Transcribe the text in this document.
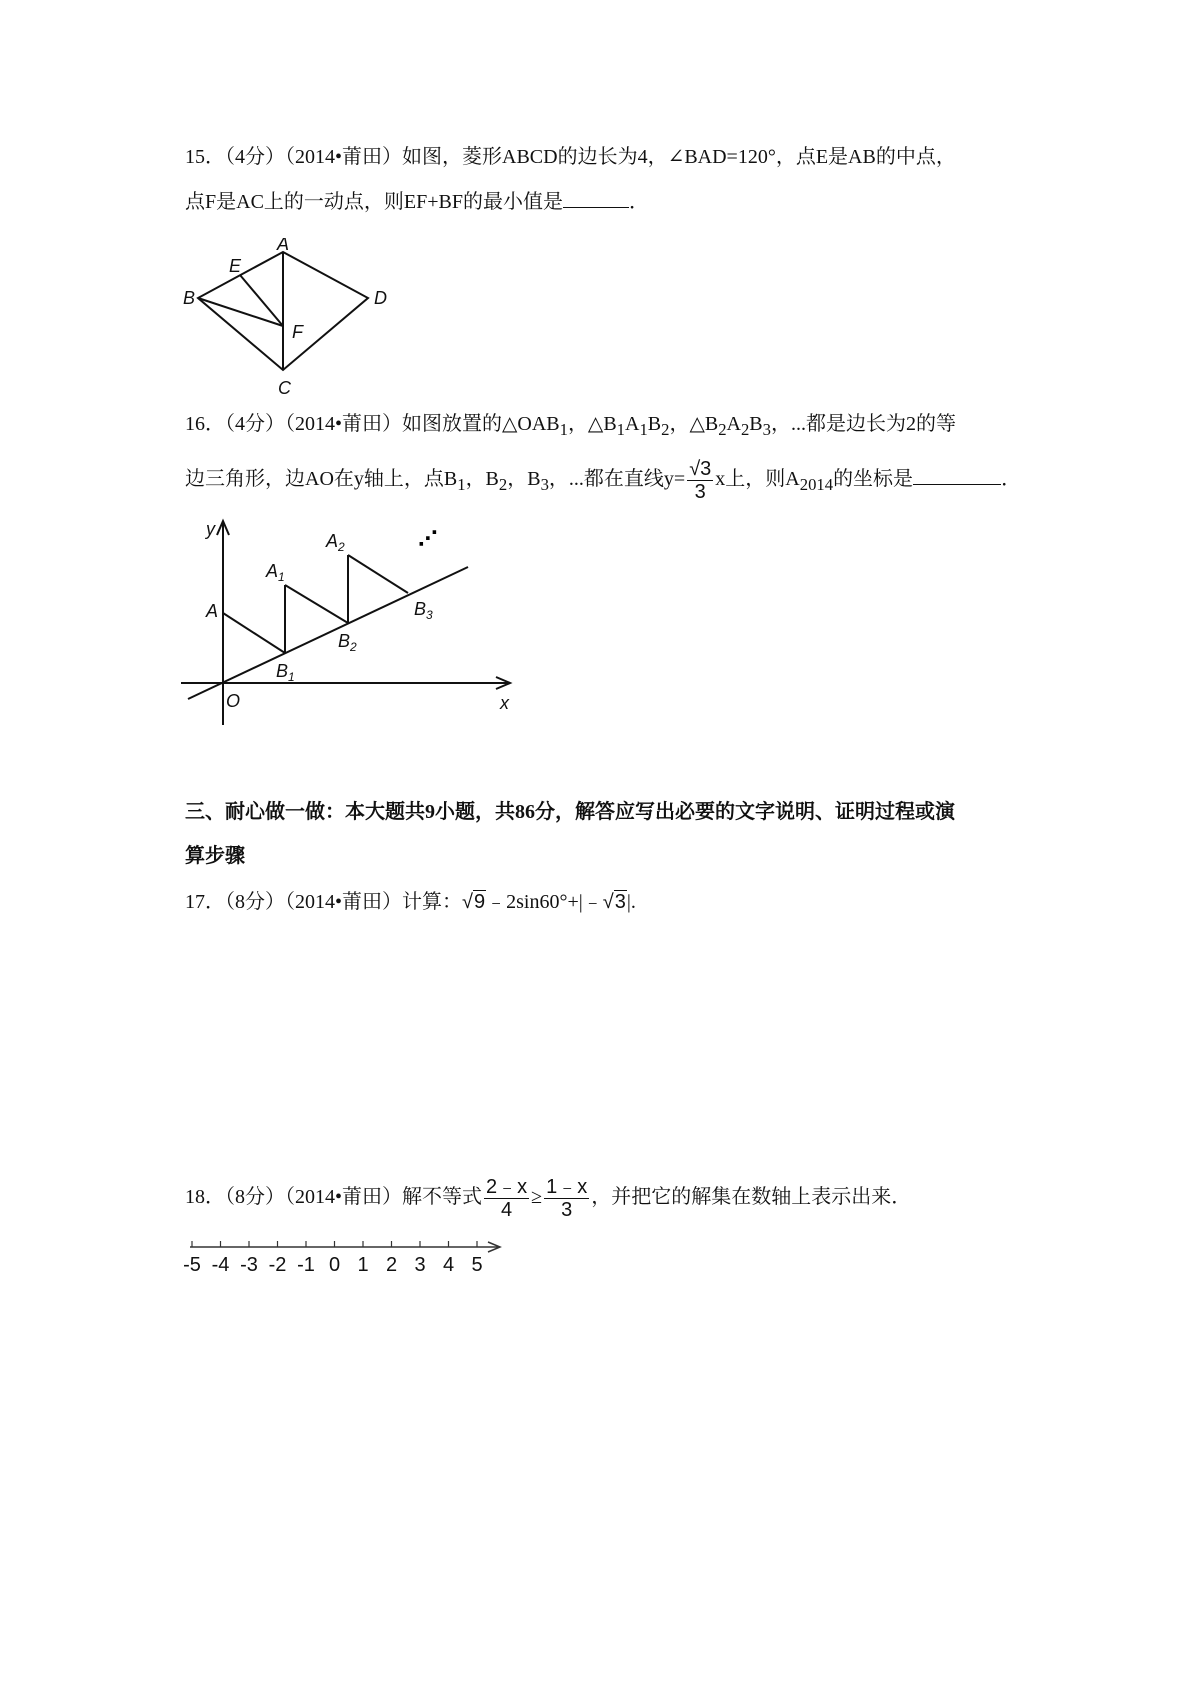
15．（4分）（2014•莆田）如图，菱形ABCD的边长为4，∠BAD=120°，点E是AB的中点，
点F是AC上的一动点，则EF+BF的最小值是	．
A
B
C
D
E
F
16．（4分）（2014•莆田）如图放置的$\triangle OAB_1$，$\triangle B_1A_1B_2$，$\triangle B_2A_2B_3$，...都是边长为2的等
边三角形，边AO在y轴上，点$B_1$，$B_2$，$B_3$，...都在直线$y= \frac{√3}{3}$ x上，则$A_{2014}$的坐标是	．
y
x
O
A
$A_1$
$A_2$
$B_1$
$B_2$
$B_3$
⋰
三、耐心做一做：本大题共9小题，共86分，解答应写出必要的文字说明、证明过程或演
算步骤
17．（8分）（2014•莆田）计算：√9﹣2sin60°+|﹣√3|.
18．（8分）（2014•莆田）解不等式 $\frac{2﹣x}{4} \ge \frac{1﹣x}{3}$ ，并把它的解集在数轴上表示出来．
-5 -4 -3 -2 -1 0 1 2 3 4 5
